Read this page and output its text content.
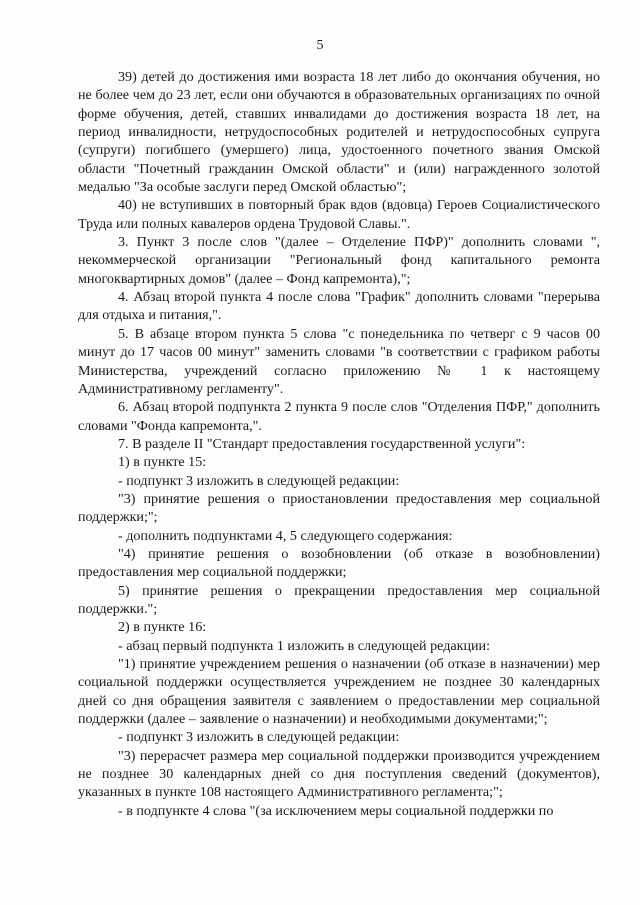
5

39) детей до достижения ими возраста 18 лет либо до окончания обучения, но не более чем до 23 лет, если они обучаются в образовательных организациях по очной форме обучения, детей, ставших инвалидами до достижения возраста 18 лет, на период инвалидности, нетрудоспособных родителей и нетрудоспособных супруга (супруги) погибшего (умершего) лица, удостоенного почетного звания Омской области "Почетный гражданин Омской области" и (или) награжденного золотой медалью "За особые заслуги перед Омской областью";

40) не вступивших в повторный брак вдов (вдовца) Героев Социалистического Труда или полных кавалеров ордена Трудовой Славы.".

3. Пункт 3 после слов "(далее – Отделение ПФР)" дополнить словами ", некоммерческой организации "Региональный фонд капитального ремонта многоквартирных домов" (далее – Фонд капремонта),";

4. Абзац второй пункта 4 после слова "График" дополнить словами "перерыва для отдыха и питания,".

5. В абзаце втором пункта 5 слова "с понедельника по четверг с 9 часов 00 минут до 17 часов 00 минут" заменить словами "в соответствии с графиком работы Министерства, учреждений согласно приложению № 1 к настоящему Административному регламенту".

6. Абзац второй подпункта 2 пункта 9 после слов "Отделения ПФР," дополнить словами "Фонда капремонта,".

7. В разделе II "Стандарт предоставления государственной услуги":

1) в пункте 15:

- подпункт 3 изложить в следующей редакции:

"3) принятие решения о приостановлении предоставления мер социальной поддержки;";

- дополнить подпунктами 4, 5 следующего содержания:

"4) принятие решения о возобновлении (об отказе в возобновлении) предоставления мер социальной поддержки;

5) принятие решения о прекращении предоставления мер социальной поддержки.";

2) в пункте 16:

- абзац первый подпункта 1 изложить в следующей редакции:

"1) принятие учреждением решения о назначении (об отказе в назначении) мер социальной поддержки осуществляется учреждением не позднее 30 календарных дней со дня обращения заявителя с заявлением о предоставлении мер социальной поддержки (далее – заявление о назначении) и необходимыми документами;";

- подпункт 3 изложить в следующей редакции:

"3) перерасчет размера мер социальной поддержки производится учреждением не позднее 30 календарных дней со дня поступления сведений (документов), указанных в пункте 108 настоящего Административного регламента;";

- в подпункте 4 слова "(за исключением меры социальной поддержки по
